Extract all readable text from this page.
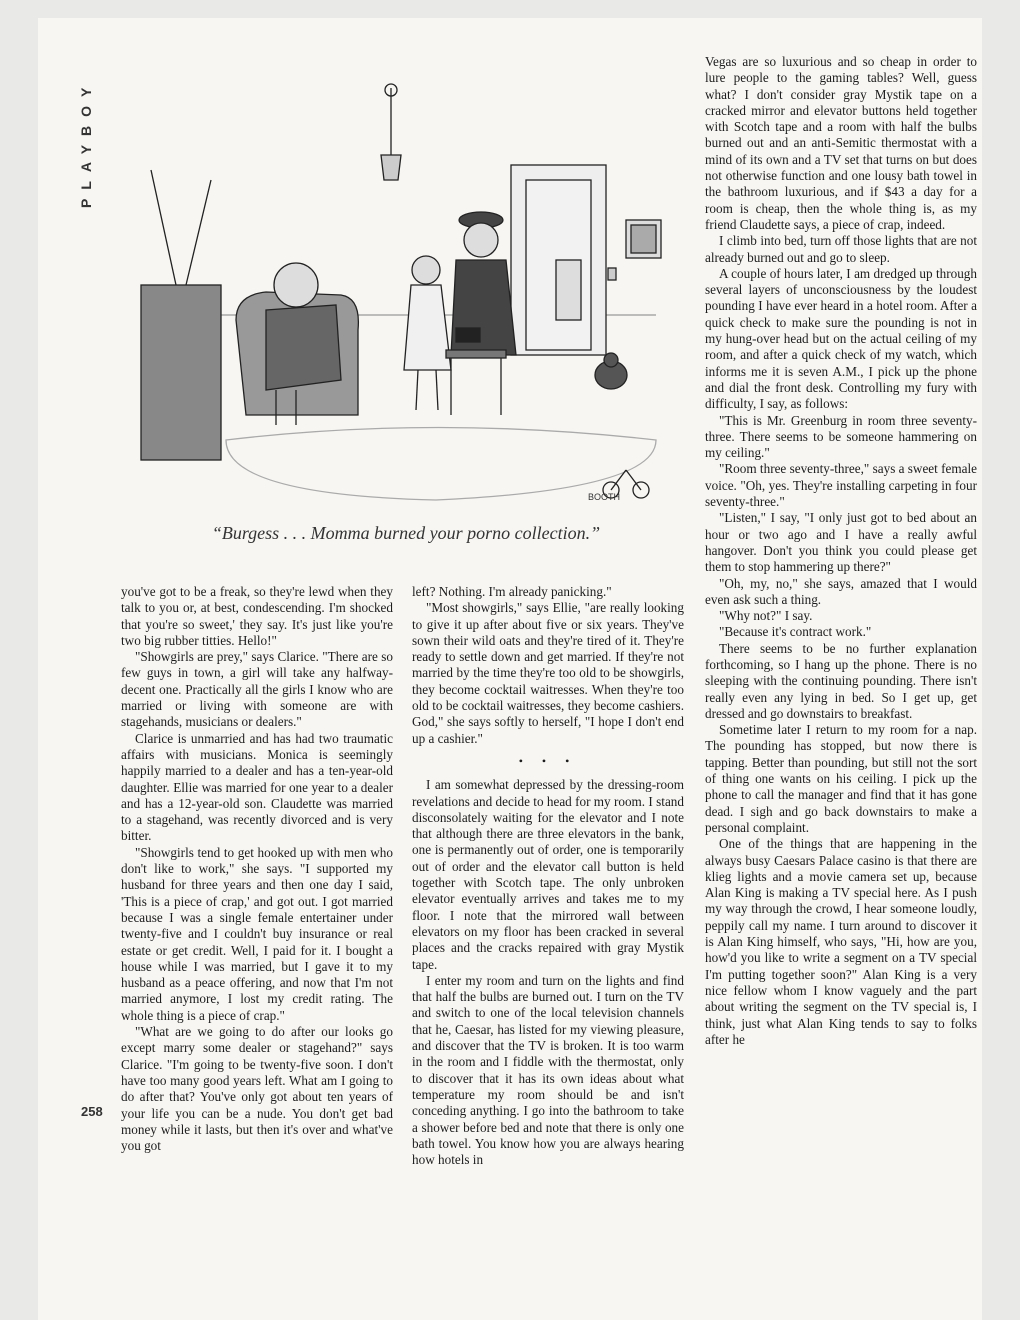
PLAYBOY
BOOTH
“Burgess . . . Momma burned your porno collection.”

you've got to be a freak, so they're lewd when they talk to you or, at best, condescending. I'm shocked that you're so sweet,' they say. It's just like you're two big rubber titties. Hello!"

"Showgirls are prey," says Clarice. "There are so few guys in town, a girl will take any halfway-decent one. Practically all the girls I know who are married or living with someone are with stagehands, musicians or dealers."

Clarice is unmarried and has had two traumatic affairs with musicians. Monica is seemingly happily married to a dealer and has a ten-year-old daughter. Ellie was married for one year to a dealer and has a 12-year-old son. Claudette was married to a stagehand, was recently divorced and is very bitter.

"Showgirls tend to get hooked up with men who don't like to work," she says. "I supported my husband for three years and then one day I said, 'This is a piece of crap,' and got out. I got married because I was a single female entertainer under twenty-five and I couldn't buy insurance or real estate or get credit. Well, I paid for it. I bought a house while I was married, but I gave it to my husband as a peace offering, and now that I'm not married anymore, I lost my credit rating. The whole thing is a piece of crap."

"What are we going to do after our looks go except marry some dealer or stagehand?" says Clarice. "I'm going to be twenty-five soon. I don't have too many good years left. What am I going to do after that? You've only got about ten years of your life you can be a nude. You don't get bad money while it lasts, but then it's over and what've you got

left? Nothing. I'm already panicking."

"Most showgirls," says Ellie, "are really looking to give it up after about five or six years. They've sown their wild oats and they're tired of it. They're ready to settle down and get married. If they're not married by the time they're too old to be showgirls, they become cocktail waitresses. When they're too old to be cocktail waitresses, they become cashiers. God," she says softly to herself, "I hope I don't end up a cashier."

• • •

I am somewhat depressed by the dressing-room revelations and decide to head for my room. I stand disconsolately waiting for the elevator and I note that although there are three elevators in the bank, one is permanently out of order, one is temporarily out of order and the elevator call button is held together with Scotch tape. The only unbroken elevator eventually arrives and takes me to my floor. I note that the mirrored wall between elevators on my floor has been cracked in several places and the cracks repaired with gray Mystik tape.

I enter my room and turn on the lights and find that half the bulbs are burned out. I turn on the TV and switch to one of the local television channels that he, Caesar, has listed for my viewing pleasure, and discover that the TV is broken. It is too warm in the room and I fiddle with the thermostat, only to discover that it has its own ideas about what temperature my room should be and isn't conceding anything. I go into the bathroom to take a shower before bed and note that there is only one bath towel. You know how you are always hearing how hotels in

Vegas are so luxurious and so cheap in order to lure people to the gaming tables? Well, guess what? I don't consider gray Mystik tape on a cracked mirror and elevator buttons held together with Scotch tape and a room with half the bulbs burned out and an anti-Semitic thermostat with a mind of its own and a TV set that turns on but does not otherwise function and one lousy bath towel in the bathroom luxurious, and if $43 a day for a room is cheap, then the whole thing is, as my friend Claudette says, a piece of crap, indeed.

I climb into bed, turn off those lights that are not already burned out and go to sleep.

A couple of hours later, I am dredged up through several layers of unconsciousness by the loudest pounding I have ever heard in a hotel room. After a quick check to make sure the pounding is not in my hung-over head but on the actual ceiling of my room, and after a quick check of my watch, which informs me it is seven A.M., I pick up the phone and dial the front desk. Controlling my fury with difficulty, I say, as follows:

"This is Mr. Greenburg in room three seventy-three. There seems to be someone hammering on my ceiling."

"Room three seventy-three," says a sweet female voice. "Oh, yes. They're installing carpeting in four seventy-three."

"Listen," I say, "I only just got to bed about an hour or two ago and I have a really awful hangover. Don't you think you could please get them to stop hammering up there?"

"Oh, my, no," she says, amazed that I would even ask such a thing.

"Why not?" I say.

"Because it's contract work."

There seems to be no further explanation forthcoming, so I hang up the phone. There is no sleeping with the continuing pounding. There isn't really even any lying in bed. So I get up, get dressed and go downstairs to breakfast.

Sometime later I return to my room for a nap. The pounding has stopped, but now there is tapping. Better than pounding, but still not the sort of thing one wants on his ceiling. I pick up the phone to call the manager and find that it has gone dead. I sigh and go back downstairs to make a personal complaint.

One of the things that are happening in the always busy Caesars Palace casino is that there are klieg lights and a movie camera set up, because Alan King is making a TV special here. As I push my way through the crowd, I hear someone loudly, peppily call my name. I turn around to discover it is Alan King himself, who says, "Hi, how are you, how'd you like to write a segment on a TV special I'm putting together soon?" Alan King is a very nice fellow whom I know vaguely and the part about writing the segment on the TV special is, I think, just what Alan King tends to say to folks after he

258
